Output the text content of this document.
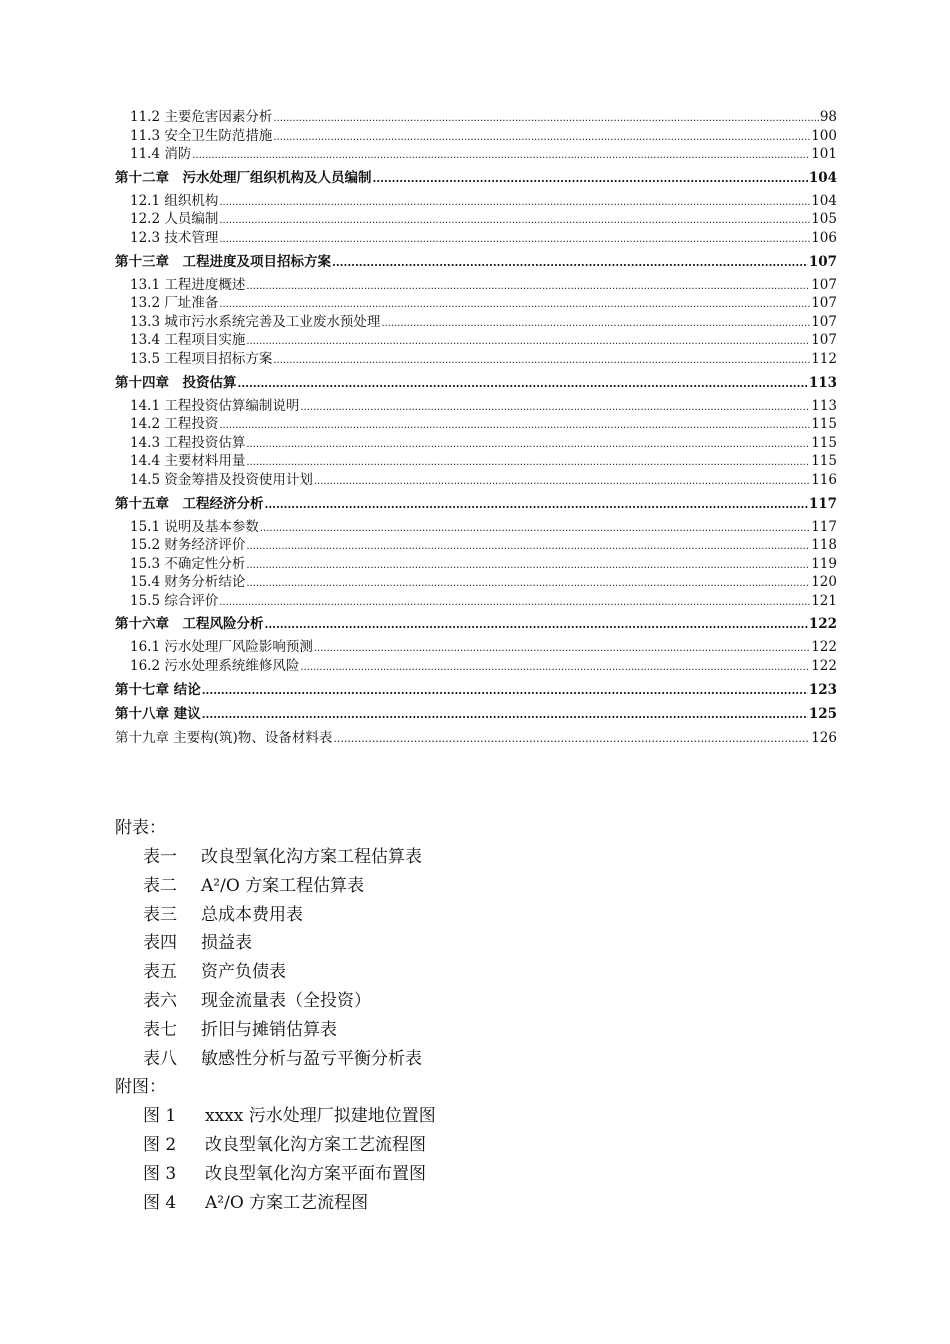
11.2 主要危害因素分析 .....	98
11.3 安全卫生防范措施 .....	100
11.4 消防 .....	101
第十二章　污水处理厂组织机构及人员编制 .....	104
12.1 组织机构 .....	104
12.2 人员编制 .....	105
12.3 技术管理 .....	106
第十三章　工程进度及项目招标方案 .....	107
13.1 工程进度概述 .....	107
13.2 厂址准备 .....	107
13.3 城市污水系统完善及工业废水预处理 .....	107
13.4 工程项目实施 .....	107
13.5 工程项目招标方案 .....	112
第十四章　投资估算 .....	113
14.1 工程投资估算编制说明 .....	113
14.2 工程投资 .....	115
14.3 工程投资估算 .....	115
14.4 主要材料用量 .....	115
14.5 资金筹措及投资使用计划 .....	116
第十五章　工程经济分析 .....	117
15.1 说明及基本参数 .....	117
15.2 财务经济评价 .....	118
15.3 不确定性分析 .....	119
15.4 财务分析结论 .....	120
15.5 综合评价 .....	121
第十六章　工程风险分析 .....	122
16.1 污水处理厂风险影响预测 .....	122
16.2 污水处理系统维修风险 .....	122
第十七章 结论 .....	123
第十八章 建议 .....	125
第十九章 主要构(筑)物、设备材料表 .....	126
附表：
表一 改良型氧化沟方案工程估算表
表二 A²/O 方案工程估算表
表三 总成本费用表
表四 损益表
表五 资产负债表
表六 现金流量表（全投资）
表七 折旧与摊销估算表
表八 敏感性分析与盈亏平衡分析表
附图：
图 1 xxxx 污水处理厂拟建地位置图
图 2 改良型氧化沟方案工艺流程图
图 3 改良型氧化沟方案平面布置图
图 4 A²/O 方案工艺流程图
